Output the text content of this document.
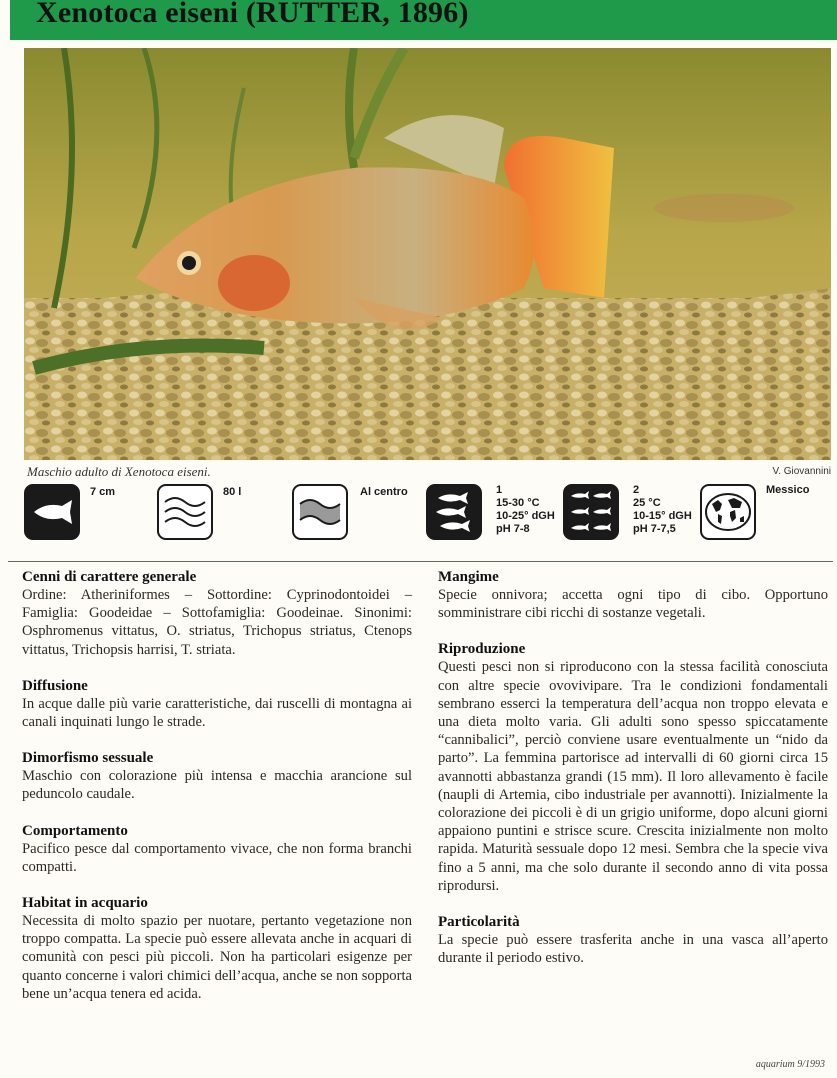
Xenotoca eiseni (RUTTER, 1896)
Maschio adulto di Xenotoca eiseni.	V. Giovannini
7 cm	80 l	Al centro	1
15-30 °C
10-25° dGH
pH 7-8
2
25 °C
10-15° dGH
pH 7-7,5
Messico
Cenni di carattere generale

Ordine: Atheriniformes – Sottordine: Cyprinodontoidei – Famiglia: Goodeidae – Sottofamiglia: Goodeinae. Sinonimi: Osphromenus vittatus, O. striatus, Trichopus striatus, Ctenops vittatus, Trichopsis harrisi, T. striata.

Diffusione

In acque dalle più varie caratteristiche, dai ruscelli di montagna ai canali inquinati lungo le strade.

Dimorfismo sessuale

Maschio con colorazione più intensa e macchia arancione sul peduncolo caudale.

Comportamento

Pacifico pesce dal comportamento vivace, che non forma branchi compatti.

Habitat in acquario

Necessita di molto spazio per nuotare, pertanto vegetazione non troppo compatta. La specie può essere allevata anche in acquari di comunità con pesci più piccoli. Non ha particolari esigenze per quanto concerne i valori chimici dell’acqua, anche se non sopporta bene un’acqua tenera ed acida.

Mangime

Specie onnivora; accetta ogni tipo di cibo. Opportuno somministrare cibi ricchi di sostanze vegetali.

Riproduzione

Questi pesci non si riproducono con la stessa facilità conosciuta con altre specie ovovivipare. Tra le condizioni fondamentali sembrano esserci la temperatura dell’acqua non troppo elevata e una dieta molto varia. Gli adulti sono spesso spiccatamente “cannibalici”, perciò conviene usare eventualmente un “nido da parto”. La femmina partorisce ad intervalli di 60 giorni circa 15 avannotti abbastanza grandi (15 mm). Il loro allevamento è facile (naupli di Artemia, cibo industriale per avannotti). Inizialmente la colorazione dei piccoli è di un grigio uniforme, dopo alcuni giorni appaiono puntini e strisce scure. Crescita inizialmente non molto rapida. Maturità sessuale dopo 12 mesi. Sembra che la specie viva fino a 5 anni, ma che solo durante il secondo anno di vita possa riprodursi.

Particolarità

La specie può essere trasferita anche in una vasca all’aperto durante il periodo estivo.

aquarium 9/1993
